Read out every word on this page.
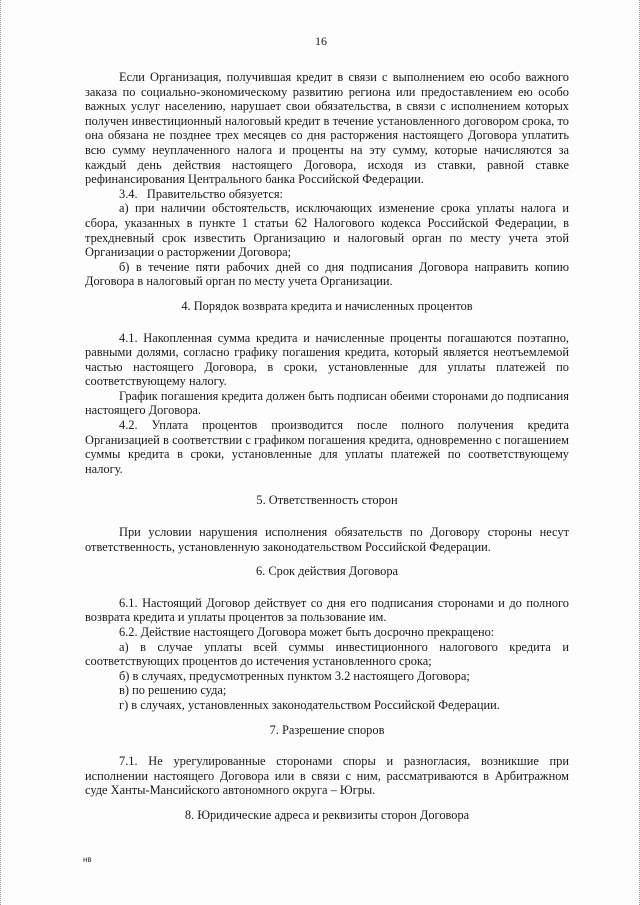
16

Если Организация, получившая кредит в связи с выполнением ею особо важного заказа по социально-экономическому развитию региона или предоставлением ею особо важных услуг населению, нарушает свои обязательства, в связи с исполнением которых получен инвестиционный налоговый кредит в течение установленного договором срока, то она обязана не позднее трех месяцев со дня расторжения настоящего Договора уплатить всю сумму неуплаченного налога и проценты на эту сумму, которые начисляются за каждый день действия настоящего Договора, исходя из ставки, равной ставке рефинансирования Центрального банка Российской Федерации.

3.4.   Правительство обязуется:

а) при наличии обстоятельств, исключающих изменение срока уплаты налога и сбора, указанных в пункте 1 статьи 62 Налогового кодекса Российской Федерации, в трехдневный срок известить Организацию и налоговый орган по месту учета этой Организации о расторжении Договора;

б) в течение пяти рабочих дней со дня подписания Договора направить копию Договора в налоговый орган по месту учета Организации.

4. Порядок возврата кредита и начисленных процентов

4.1. Накопленная сумма кредита и начисленные проценты погашаются поэтапно, равными долями, согласно графику погашения кредита, который является неотъемлемой частью настоящего Договора, в сроки, установленные для уплаты платежей по соответствующему налогу.

График погашения кредита должен быть подписан обеими сторонами до подписания настоящего Договора.

4.2. Уплата процентов производится после полного получения кредита Организацией в соответствии с графиком погашения кредита, одновременно с погашением суммы кредита в сроки, установленные для уплаты платежей по соответствующему налогу.

5. Ответственность сторон

При условии нарушения исполнения обязательств по Договору стороны несут ответственность, установленную законодательством Российской Федерации.

6. Срок действия Договора

6.1. Настоящий Договор действует со дня его подписания сторонами и до полного возврата кредита и уплаты процентов за пользование им.

6.2. Действие настоящего Договора может быть досрочно прекращено:

а) в случае уплаты всей суммы инвестиционного налогового кредита и соответствующих процентов до истечения установленного срока;

б) в случаях, предусмотренных пунктом 3.2 настоящего Договора;

в) по решению суда;

г) в случаях, установленных законодательством Российской Федерации.

7. Разрешение споров

7.1. Не урегулированные сторонами споры и разногласия, возникшие при исполнении настоящего Договора или в связи с ним, рассматриваются в Арбитражном суде Ханты-Мансийского автономного округа – Югры.

8. Юридические адреса и реквизиты сторон Договора

нв
